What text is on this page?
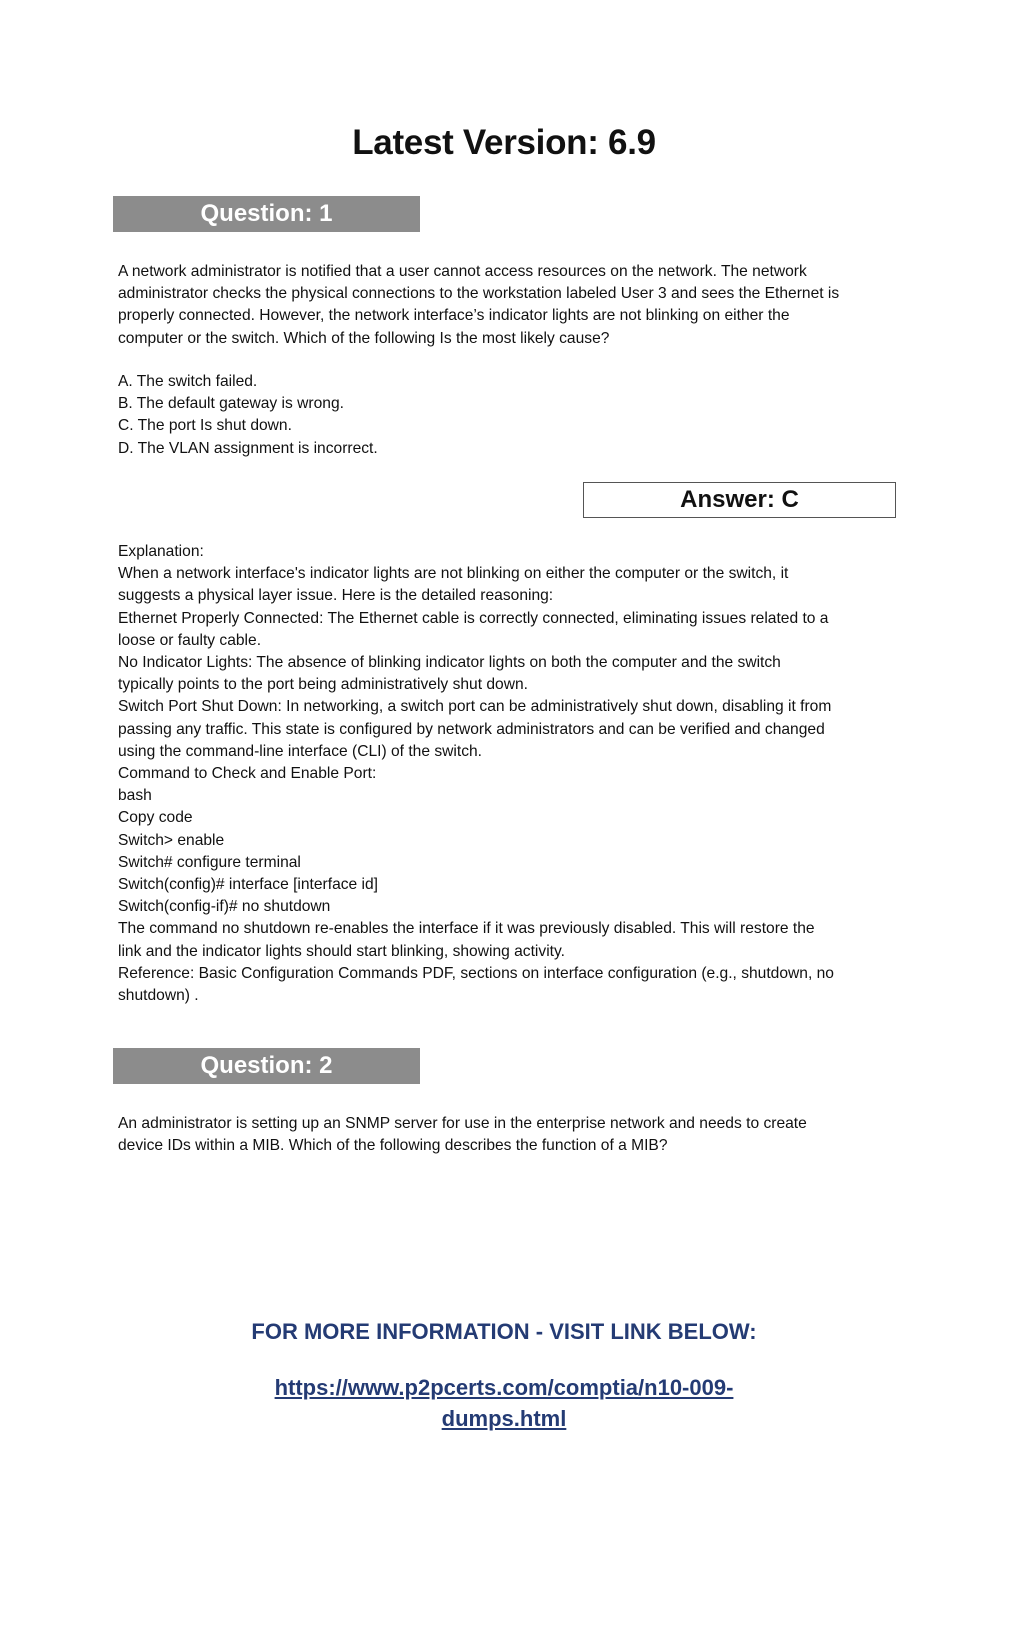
Latest Version: 6.9
Question: 1
A network administrator is notified that a user cannot access resources on the network. The network
administrator checks the physical connections to the workstation labeled User 3 and sees the Ethernet is
properly connected. However, the network interface’s indicator lights are not blinking on either the
computer or the switch. Which of the following Is the most likely cause?
A. The switch failed.
B. The default gateway is wrong.
C. The port Is shut down.
D. The VLAN assignment is incorrect.
Answer: C
Explanation:
When a network interface's indicator lights are not blinking on either the computer or the switch, it
suggests a physical layer issue. Here is the detailed reasoning:
Ethernet Properly Connected: The Ethernet cable is correctly connected, eliminating issues related to a
loose or faulty cable.
No Indicator Lights: The absence of blinking indicator lights on both the computer and the switch
typically points to the port being administratively shut down.
Switch Port Shut Down: In networking, a switch port can be administratively shut down, disabling it from
passing any traffic. This state is configured by network administrators and can be verified and changed
using the command-line interface (CLI) of the switch.
Command to Check and Enable Port:
bash
Copy code
Switch> enable
Switch# configure terminal
Switch(config)# interface [interface id]
Switch(config-if)# no shutdown
The command no shutdown re-enables the interface if it was previously disabled. This will restore the
link and the indicator lights should start blinking, showing activity.
Reference: Basic Configuration Commands PDF, sections on interface configuration (e.g., shutdown, no
shutdown) .
Question: 2
An administrator is setting up an SNMP server for use in the enterprise network and needs to create
device IDs within a MIB. Which of the following describes the function of a MIB?
FOR MORE INFORMATION - VISIT LINK BELOW:
https://www.p2pcerts.com/comptia/n10-009-
dumps.html
